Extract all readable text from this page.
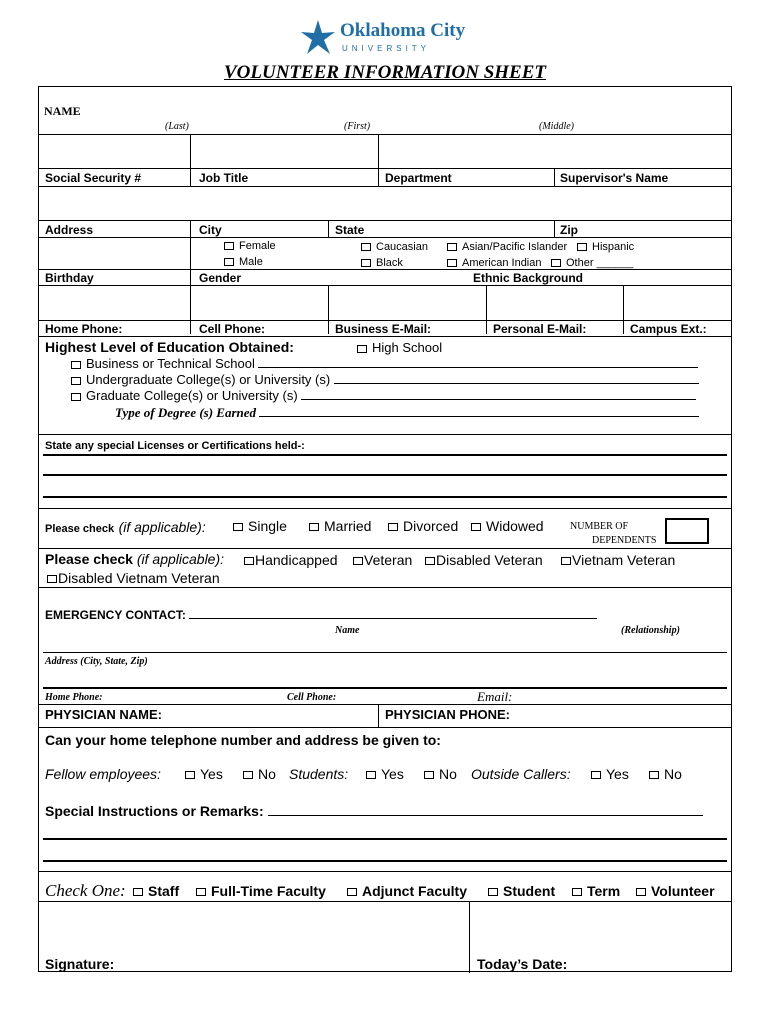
Oklahoma City
UNIVERSITY
VOLUNTEER INFORMATION SHEET
NAME
(Last)	(First)	(Middle)
Social Security #	Job Title	Department	Supervisor's Name
Address	City	State	Zip
Female
Male
Caucasian	Asian/Pacific Islander	Hispanic
Black	American Indian	Other ______
Birthday	Gender	Ethnic Background
Home Phone:	Cell Phone:	Business E-Mail:	Personal E-Mail:	Campus Ext.:
Highest Level of Education Obtained:	High School
Business or Technical School
Undergraduate College(s) or University (s)
Graduate College(s) or University (s)
Type of Degree (s) Earned
State any special Licenses or Certifications held-:
Please check (if applicable):	Single	Married	Divorced	Widowed	NUMBER OF
DEPENDENTS
Please check (if applicable):	Handicapped	Veteran	Disabled Veteran	Vietnam Veteran
Disabled Vietnam Veteran
EMERGENCY CONTACT:
Name	(Relationship)
Address (City, State, Zip)
Home Phone:	Cell Phone:	Email:
PHYSICIAN NAME:	PHYSICIAN PHONE:
Can your home telephone number and address be given to:
Fellow employees:	Yes	No Students:	Yes	No Outside Callers:	Yes	No
Special Instructions or Remarks:
Check One:	Staff	Full-Time Faculty	Adjunct Faculty	Student	Term	Volunteer
Signature:	Today’s Date:
